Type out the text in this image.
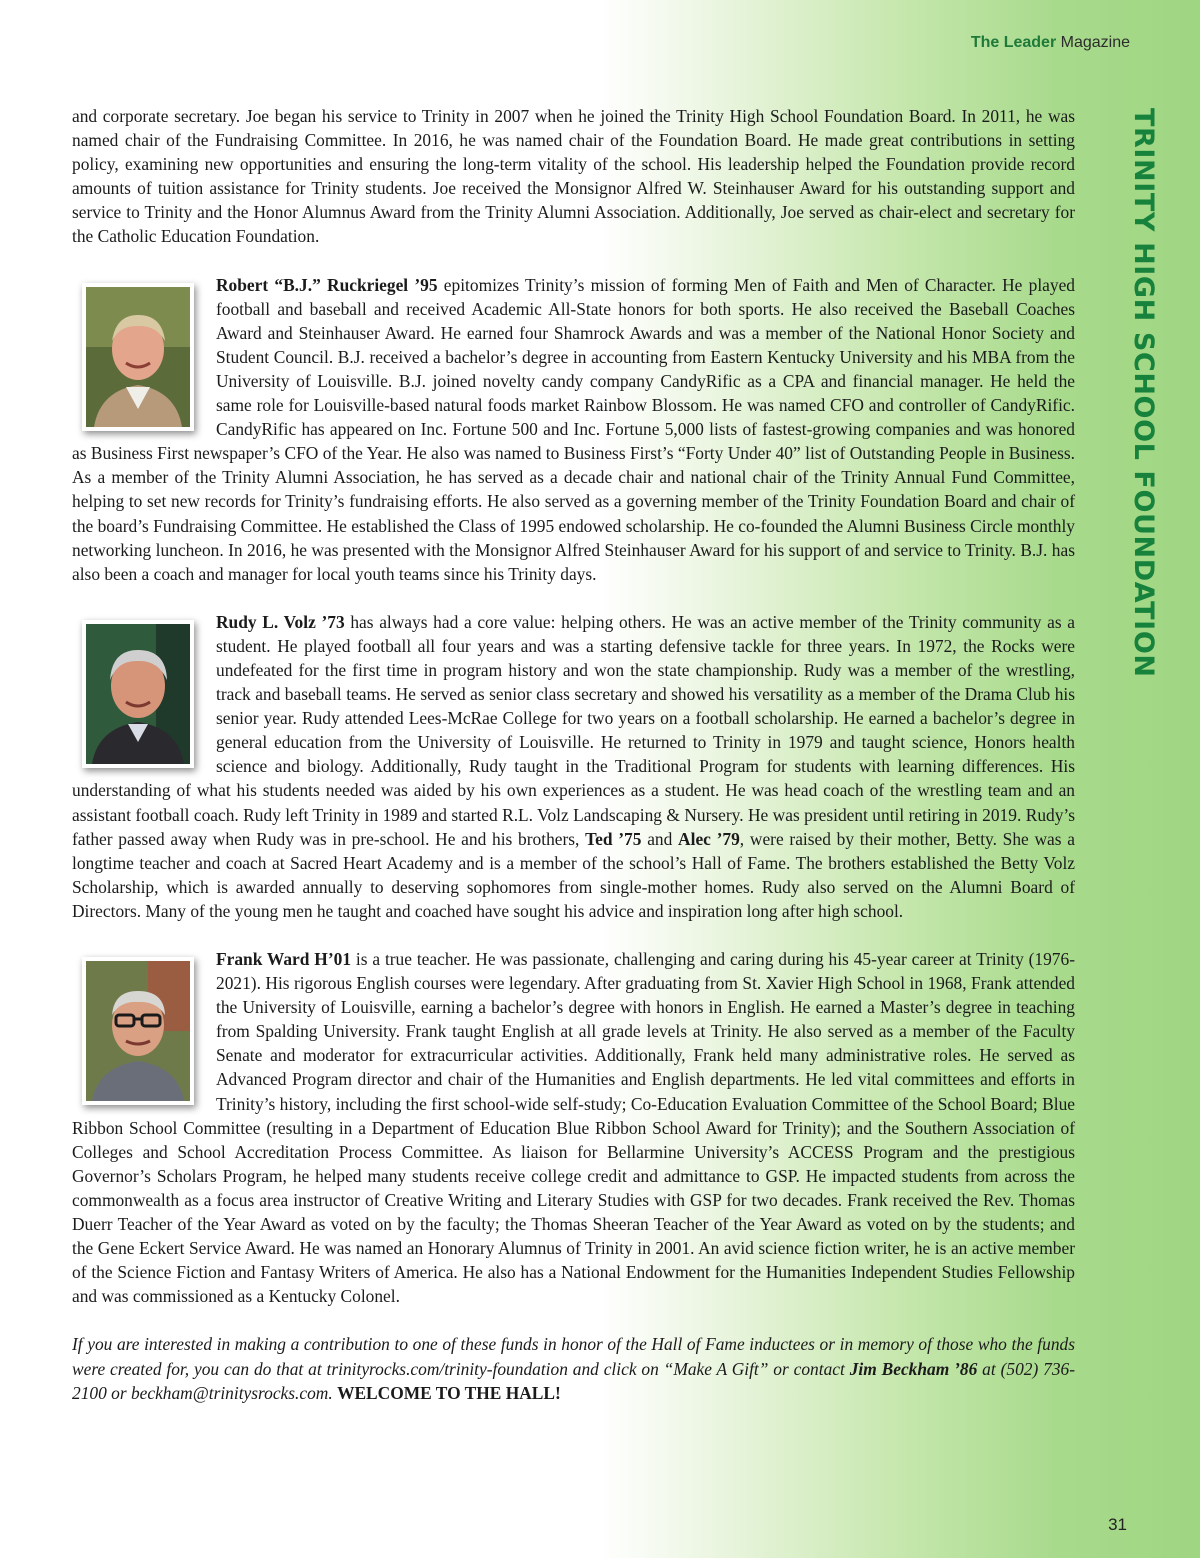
The Leader Magazine
TRINITY HIGH SCHOOL FOUNDATION

and corporate secretary. Joe began his service to Trinity in 2007 when he joined the Trinity High School Foundation Board. In 2011, he was named chair of the Fundraising Committee. In 2016, he was named chair of the Foundation Board. He made great contributions in setting policy, examining new opportunities and ensuring the long-term vitality of the school. His leadership helped the Foundation provide record amounts of tuition assistance for Trinity students. Joe received the Monsignor Alfred W. Steinhauser Award for his outstanding support and service to Trinity and the Honor Alumnus Award from the Trinity Alumni Association. Additionally, Joe served as chair-elect and secretary for the Catholic Education Foundation.

Robert “B.J.” Ruckriegel ’95 epitomizes Trinity’s mission of forming Men of Faith and Men of Character. He played football and baseball and received Academic All-State honors for both sports. He also received the Baseball Coaches Award and Steinhauser Award. He earned four Shamrock Awards and was a member of the National Honor Society and Student Council. B.J. received a bachelor’s degree in accounting from Eastern Kentucky University and his MBA from the University of Louisville. B.J. joined novelty candy company CandyRific as a CPA and financial manager. He held the same role for Louisville-based natural foods market Rainbow Blossom. He was named CFO and controller of CandyRific. CandyRific has appeared on Inc. Fortune 500 and Inc. Fortune 5,000 lists of fastest-growing companies and was honored as Business First newspaper’s CFO of the Year. He also was named to Business First’s “Forty Under 40” list of Outstanding People in Business. As a member of the Trinity Alumni Association, he has served as a decade chair and national chair of the Trinity Annual Fund Committee, helping to set new records for Trinity’s fundraising efforts. He also served as a governing member of the Trinity Foundation Board and chair of the board’s Fundraising Committee. He established the Class of 1995 endowed scholarship. He co-founded the Alumni Business Circle monthly networking luncheon. In 2016, he was presented with the Monsignor Alfred Steinhauser Award for his support of and service to Trinity. B.J. has also been a coach and manager for local youth teams since his Trinity days.

Rudy L. Volz ’73 has always had a core value: helping others. He was an active member of the Trinity community as a student. He played football all four years and was a starting defensive tackle for three years. In 1972, the Rocks were undefeated for the first time in program history and won the state championship. Rudy was a member of the wrestling, track and baseball teams. He served as senior class secretary and showed his versatility as a member of the Drama Club his senior year. Rudy attended Lees-McRae College for two years on a football scholarship. He earned a bachelor’s degree in general education from the University of Louisville. He returned to Trinity in 1979 and taught science, Honors health science and biology. Additionally, Rudy taught in the Traditional Program for students with learning differences. His understanding of what his students needed was aided by his own experiences as a student. He was head coach of the wrestling team and an assistant football coach. Rudy left Trinity in 1989 and started R.L. Volz Landscaping & Nursery. He was president until retiring in 2019. Rudy’s father passed away when Rudy was in pre-school. He and his brothers, Ted ’75 and Alec ’79, were raised by their mother, Betty. She was a longtime teacher and coach at Sacred Heart Academy and is a member of the school’s Hall of Fame. The brothers established the Betty Volz Scholarship, which is awarded annually to deserving sophomores from single-mother homes. Rudy also served on the Alumni Board of Directors. Many of the young men he taught and coached have sought his advice and inspiration long after high school.

Frank Ward H’01 is a true teacher. He was passionate, challenging and caring during his 45-year career at Trinity (1976-2021). His rigorous English courses were legendary. After graduating from St. Xavier High School in 1968, Frank attended the University of Louisville, earning a bachelor’s degree with honors in English. He earned a Master’s degree in teaching from Spalding University. Frank taught English at all grade levels at Trinity. He also served as a member of the Faculty Senate and moderator for extracurricular activities. Additionally, Frank held many administrative roles. He served as Advanced Program director and chair of the Humanities and English departments. He led vital committees and efforts in Trinity’s history, including the first school-wide self-study; Co-Education Evaluation Committee of the School Board; Blue Ribbon School Committee (resulting in a Department of Education Blue Ribbon School Award for Trinity); and the Southern Association of Colleges and School Accreditation Process Committee. As liaison for Bellarmine University’s ACCESS Program and the prestigious Governor’s Scholars Program, he helped many students receive college credit and admittance to GSP. He impacted students from across the commonwealth as a focus area instructor of Creative Writing and Literary Studies with GSP for two decades. Frank received the Rev. Thomas Duerr Teacher of the Year Award as voted on by the faculty; the Thomas Sheeran Teacher of the Year Award as voted on by the students; and the Gene Eckert Service Award. He was named an Honorary Alumnus of Trinity in 2001. An avid science fiction writer, he is an active member of the Science Fiction and Fantasy Writers of America. He also has a National Endowment for the Humanities Independent Studies Fellowship and was commissioned as a Kentucky Colonel.

If you are interested in making a contribution to one of these funds in honor of the Hall of Fame inductees or in memory of those who the funds were created for, you can do that at trinityrocks.com/trinity-foundation and click on “Make A Gift” or contact Jim Beckham ’86 at (502) 736-2100 or beckham@trinitysrocks.com. WELCOME TO THE HALL!

31
